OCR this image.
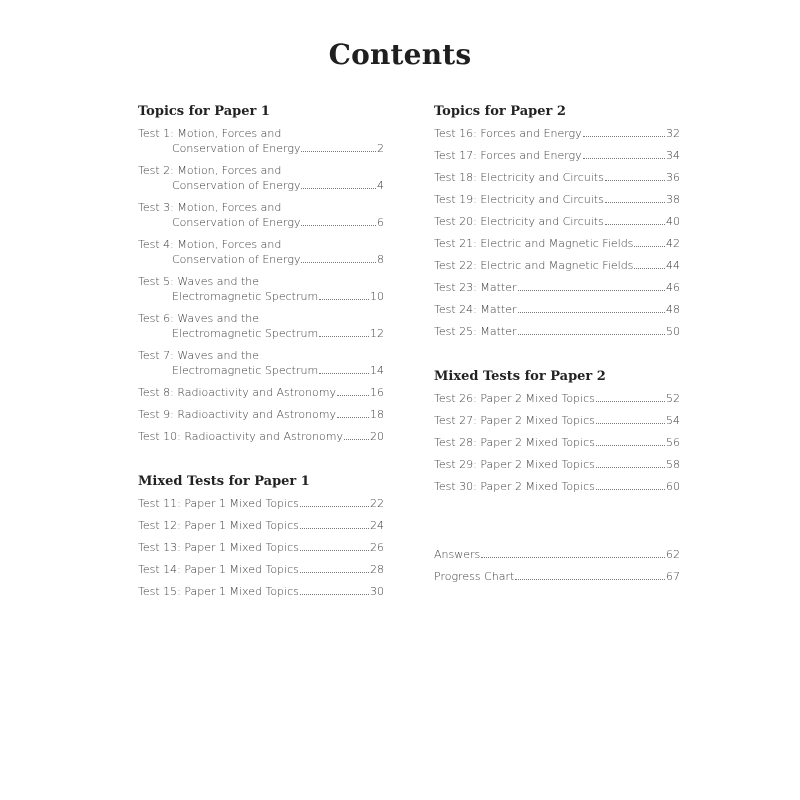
Contents
Topics for Paper 1
Test 1: Motion, Forces and
Conservation of Energy	2
Test 2: Motion, Forces and
Conservation of Energy	4
Test 3: Motion, Forces and
Conservation of Energy	6
Test 4: Motion, Forces and
Conservation of Energy	8
Test 5: Waves and the
Electromagnetic Spectrum	10
Test 6: Waves and the
Electromagnetic Spectrum	12
Test 7: Waves and the
Electromagnetic Spectrum	14
Test 8: Radioactivity and Astronomy	16
Test 9: Radioactivity and Astronomy	18
Test 10: Radioactivity and Astronomy 20
Mixed Tests for Paper 1
Test 11: Paper 1 Mixed Topics	22
Test 12: Paper 1 Mixed Topics	24
Test 13: Paper 1 Mixed Topics	26
Test 14: Paper 1 Mixed Topics	28
Test 15: Paper 1 Mixed Topics	30
Topics for Paper 2
Test 16: Forces and Energy	32
Test 17: Forces and Energy	34
Test 18: Electricity and Circuits	36
Test 19: Electricity and Circuits	38
Test 20: Electricity and Circuits	40
Test 21: Electric and Magnetic Fields	42
Test 22: Electric and Magnetic Fields	44
Test 23: Matter	46
Test 24: Matter	48
Test 25: Matter	50
Mixed Tests for Paper 2
Test 26: Paper 2 Mixed Topics	52
Test 27: Paper 2 Mixed Topics	54
Test 28: Paper 2 Mixed Topics	56
Test 29: Paper 2 Mixed Topics	58
Test 30: Paper 2 Mixed Topics	60
Answers	62
Progress Chart	67
